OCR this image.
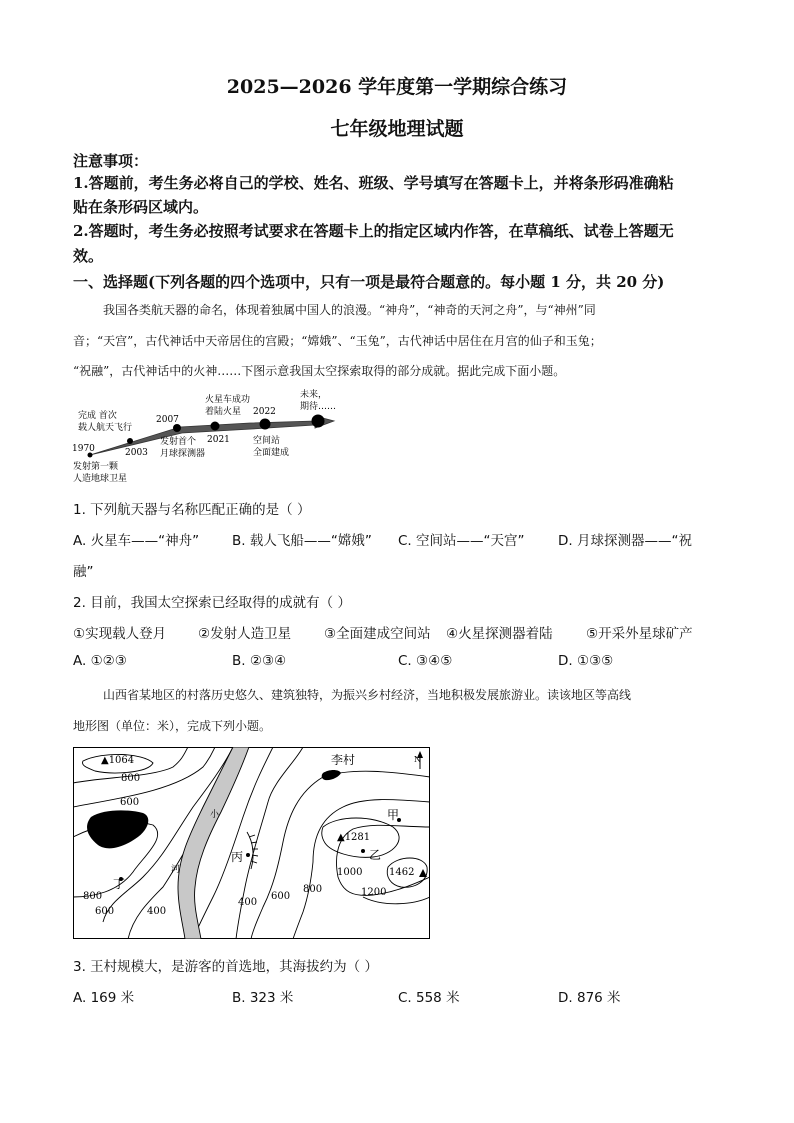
2025—2026 学年度第一学期综合练习
七年级地理试题
注意事项：
1.答题前，考生务必将自己的学校、姓名、班级、学号填写在答题卡上，并将条形码准确粘
贴在条形码区域内。
2.答题时，考生务必按照考试要求在答题卡上的指定区域内作答，在草稿纸、试卷上答题无
效。
一、选择题(下列各题的四个选项中，只有一项是最符合题意的。每小题 1 分，共 20 分)
我国各类航天器的命名，体现着独属中国人的浪漫。“神舟”，“神奇的天河之舟”，与“神州”同
音；“天宫”，古代神话中天帝居住的宫殿；“嫦娥”、“玉兔”，古代神话中居住在月宫的仙子和玉兔；
“祝融”，古代神话中的火神……下图示意我国太空探索取得的部分成就。据此完成下面小题。
1970
发射第一颗
人造地球卫星
2003
完成 首次
载人航天飞行
2007
发射首个
月球探测器
2021
火星车成功
着陆火星 2022
空间站
全面建成
未来，
期待……
1. 下列航天器与名称匹配正确的是（ ）
A. 火星车——“神舟” B. 载人飞船——“嫦娥” C. 空间站——“天宫” D. 月球探测器——“祝
融”
2. 目前，我国太空探索已经取得的成就有（ ）
①实现载人登月 ②发射人造卫星 ③全面建成空间站 ④火星探测器着陆 ⑤开采外星球矿产
A. ①②③	B. ②③④	C. ③④⑤	D. ①③⑤
山西省某地区的村落历史悠久、建筑独特，为振兴乡村经济，当地积极发展旅游业。读该地区等高线
地形图（单位：米），完成下列小题。
▲1064	李村
王村	甲
乙
丙
丁
▲1281
1462
小
河
N
800
600
800
600	400
400
600
800
1000
1200
3. 王村规模大，是游客的首选地，其海拔约为（ ）
A. 169 米	B. 323 米	C. 558 米	D. 876 米
